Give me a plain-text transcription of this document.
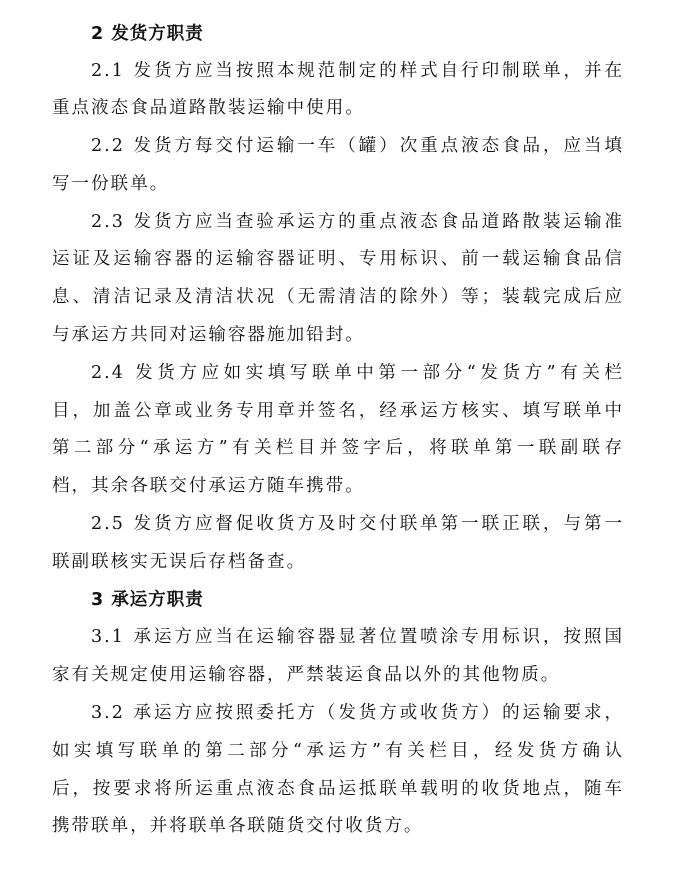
2 发货方职责
2.1 发货方应当按照本规范制定的样式自行印制联单，并在
重点液态食品道路散装运输中使用。
2.2 发货方每交付运输一车（罐）次重点液态食品，应当填
写一份联单。
2.3 发货方应当查验承运方的重点液态食品道路散装运输准
运证及运输容器的运输容器证明、专用标识、前一载运输食品信
息、清洁记录及清洁状况（无需清洁的除外）等；装载完成后应
与承运方共同对运输容器施加铅封。
2.4 发货方应如实填写联单中第一部分“发货方”有关栏
目，加盖公章或业务专用章并签名，经承运方核实、填写联单中
第二部分“承运方”有关栏目并签字后，将联单第一联副联存
档，其余各联交付承运方随车携带。
2.5 发货方应督促收货方及时交付联单第一联正联，与第一
联副联核实无误后存档备查。
3 承运方职责
3.1 承运方应当在运输容器显著位置喷涂专用标识，按照国
家有关规定使用运输容器，严禁装运食品以外的其他物质。
3.2 承运方应按照委托方（发货方或收货方）的运输要求，
如实填写联单的第二部分“承运方”有关栏目，经发货方确认
后，按要求将所运重点液态食品运抵联单载明的收货地点，随车
携带联单，并将联单各联随货交付收货方。
